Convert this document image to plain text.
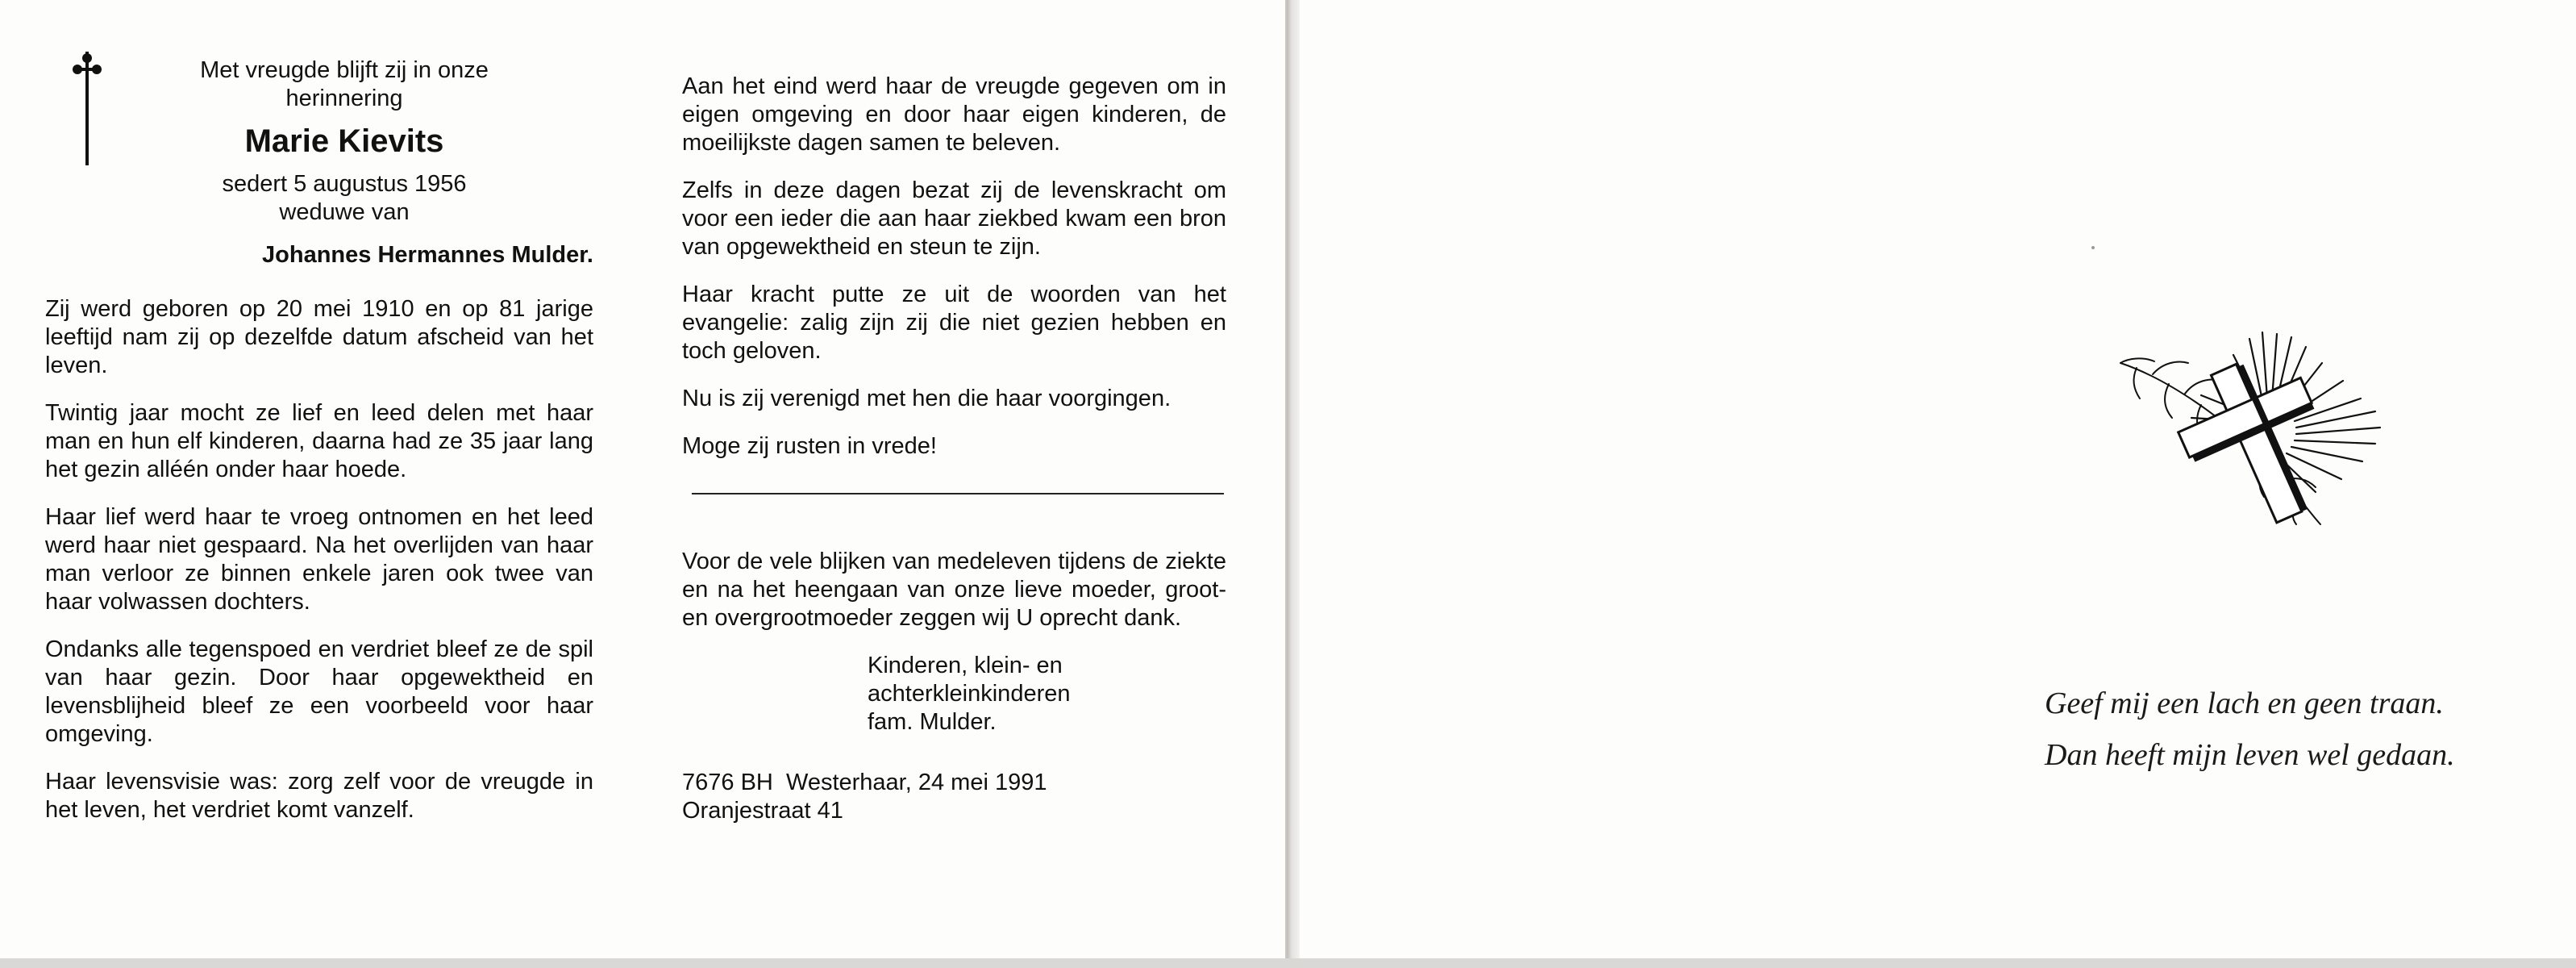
Met vreugde blijft zij in onze herinnering
Marie Kievits
sedert 5 augustus 1956
weduwe van
Johannes Hermannes Mulder.

Zij werd geboren op 20 mei 1910 en op 81 jarige leeftijd nam zij op dezelfde datum afscheid van het leven.

Twintig jaar mocht ze lief en leed delen met haar man en hun elf kinderen, daarna had ze 35 jaar lang het gezin alléén onder haar hoede.

Haar lief werd haar te vroeg ontnomen en het leed werd haar niet gespaard. Na het overlijden van haar man verloor ze binnen enkele jaren ook twee van haar volwassen dochters.

Ondanks alle tegenspoed en verdriet bleef ze de spil van haar gezin. Door haar opgewektheid en levensblijheid bleef ze een voorbeeld voor haar omgeving.

Haar levensvisie was: zorg zelf voor de vreugde in het leven, het verdriet komt vanzelf.

Aan het eind werd haar de vreugde gegeven om in eigen omgeving en door haar eigen kinderen, de moeilijkste dagen samen te beleven.

Zelfs in deze dagen bezat zij de levenskracht om voor een ieder die aan haar ziekbed kwam een bron van opgewektheid en steun te zijn.

Haar kracht putte ze uit de woorden van het evangelie: zalig zijn zij die niet gezien hebben en toch geloven.

Nu is zij verenigd met hen die haar voorgingen.

Moge zij rusten in vrede!

Voor de vele blijken van medeleven tijdens de ziekte en na het heengaan van onze lieve moeder, groot- en overgrootmoeder zeggen wij U oprecht dank.

Kinderen, klein- en
achterkleinkinderen
fam. Mulder.

7676 BH  Westerhaar, 24 mei 1991

Oranjestraat 41

Geef mij een lach en geen traan.
Dan heeft mijn leven wel gedaan.
